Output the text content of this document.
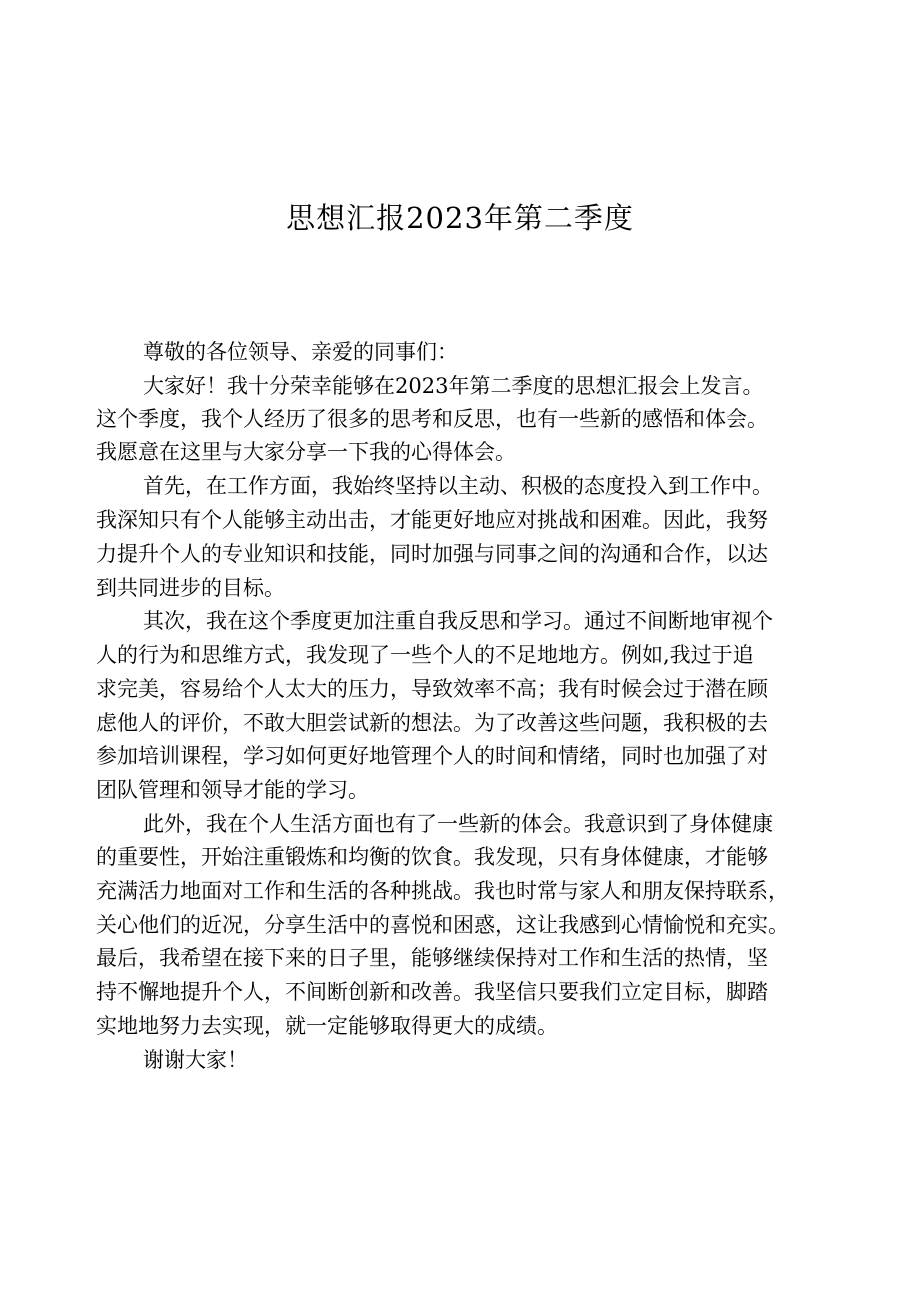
思想汇报2023年第二季度

尊敬的各位领导、亲爱的同事们：

大家好！我十分荣幸能够在2023年第二季度的思想汇报会上发言。

这个季度，我个人经历了很多的思考和反思，也有一些新的感悟和体会。

我愿意在这里与大家分享一下我的心得体会。

首先，在工作方面，我始终坚持以主动、积极的态度投入到工作中。

我深知只有个人能够主动出击，才能更好地应对挑战和困难。因此，我努

力提升个人的专业知识和技能，同时加强与同事之间的沟通和合作，以达

到共同进步的目标。

其次，我在这个季度更加注重自我反思和学习。通过不间断地审视个

人的行为和思维方式，我发现了一些个人的不足地地方。例如,我过于追

求完美，容易给个人太大的压力，导致效率不高；我有时候会过于潜在顾

虑他人的评价，不敢大胆尝试新的想法。为了改善这些问题，我积极的去

参加培训课程，学习如何更好地管理个人的时间和情绪，同时也加强了对

团队管理和领导才能的学习。

此外，我在个人生活方面也有了一些新的体会。我意识到了身体健康

的重要性，开始注重锻炼和均衡的饮食。我发现，只有身体健康，才能够

充满活力地面对工作和生活的各种挑战。我也时常与家人和朋友保持联系，

关心他们的近况，分享生活中的喜悦和困惑，这让我感到心情愉悦和充实。

最后，我希望在接下来的日子里，能够继续保持对工作和生活的热情，坚

持不懈地提升个人，不间断创新和改善。我坚信只要我们立定目标，脚踏

实地地努力去实现，就一定能够取得更大的成绩。

谢谢大家！
